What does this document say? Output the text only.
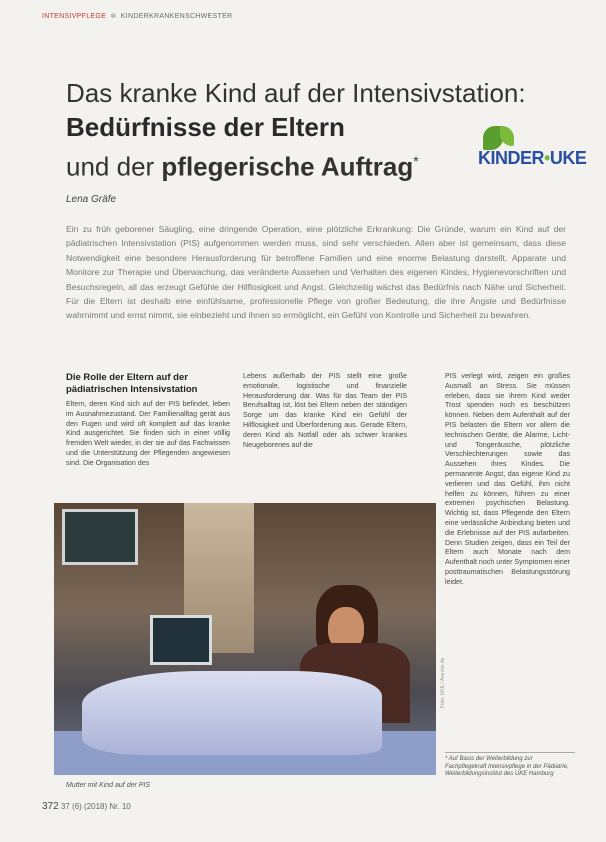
INTENSIVPFLEGE ⊗ KINDERKRANKENSCHWESTER
Das kranke Kind auf der Intensivstation:
Bedürfnisse der Eltern
und der pflegerische Auftrag*	KINDER•UKE
Lena Gräfe
Ein zu früh geborener Säugling, eine dringende Operation, eine plötzliche Erkrankung: Die Gründe, warum ein Kind auf der pädiatrischen Intensivstation (PIS) aufgenommen werden muss, sind sehr verschieden. Allen aber ist gemeinsam, dass diese Notwendigkeit eine besondere Herausforderung für betroffene Familien und eine enorme Belastung darstellt. Apparate und Monitore zur Therapie und Überwachung, das veränderte Aussehen und Verhalten des eigenen Kindes, Hygienevorschriften und Besuchsregeln, all das erzeugt Gefühle der Hilflosigkeit und Angst. Gleichzeitig wächst das Bedürfnis nach Nähe und Sicherheit. Für die Eltern ist deshalb eine einfühlsame, professionelle Pflege von großer Bedeutung, die ihre Ängste und Bedürfnisse wahrnimmt und ernst nimmt, sie einbezieht und ihnen so ermöglicht, ein Gefühl von Kontrolle und Sicherheit zu bewahren.
Die Rolle der Eltern auf der pädiatrischen Intensivstation

Eltern, deren Kind sich auf der PIS befindet, leben im Ausnahmezustand. Der Familienalltag gerät aus den Fugen und wird oft komplett auf das kranke Kind ausgerichtet. Sie finden sich in einer völlig fremden Welt wieder, in der sie auf das Fachwissen und die Unterstützung der Pflegenden angewiesen sind. Die Organisation des

Lebens außerhalb der PIS stellt eine große emotionale, logistische und finanzielle Herausforderung dar. Was für das Team der PIS Berufsalltag ist, löst bei Eltern neben der ständigen Sorge um das kranke Kind ein Gefühl der Hilflosigkeit und Überforderung aus. Gerade Eltern, deren Kind als Notfall oder als schwer krankes Neugeborenes auf die

PIS verlegt wird, zeigen ein großes Ausmaß an Stress. Sie müssen erleben, dass sie ihrem Kind weder Trost spenden noch es beschützen können. Neben dem Aufenthalt auf der PIS belasten die Eltern vor allem die technischen Geräte, die Alarme, Licht- und Tongeräusche, plötzliche Verschlechterungen sowie das Aussehen ihres Kindes. Die permanente Angst, das eigene Kind zu verlieren und das Gefühl, ihm nicht helfen zu können, führen zu einer extremen psychischen Belastung. Wichtig ist, dass Pflegende den Eltern eine verlässliche Anbindung bieten und die Erlebnisse auf der PIS aufarbeiten. Denn Studien zeigen, dass ein Teil der Eltern auch Monate nach dem Aufenthalt noch unter Symptomen einer posttraumatischen Belastungsstörung leidet.

Foto: UKE / Axentis.de
Mutter mit Kind auf der PIS
* Auf Basis der Weiterbildung zur Fachpflegekraft Intensivpflege in der Pädiatrie, Weiterbildungsinstitut des UKE Hamburg
372 37 (6) (2018) Nr. 10
